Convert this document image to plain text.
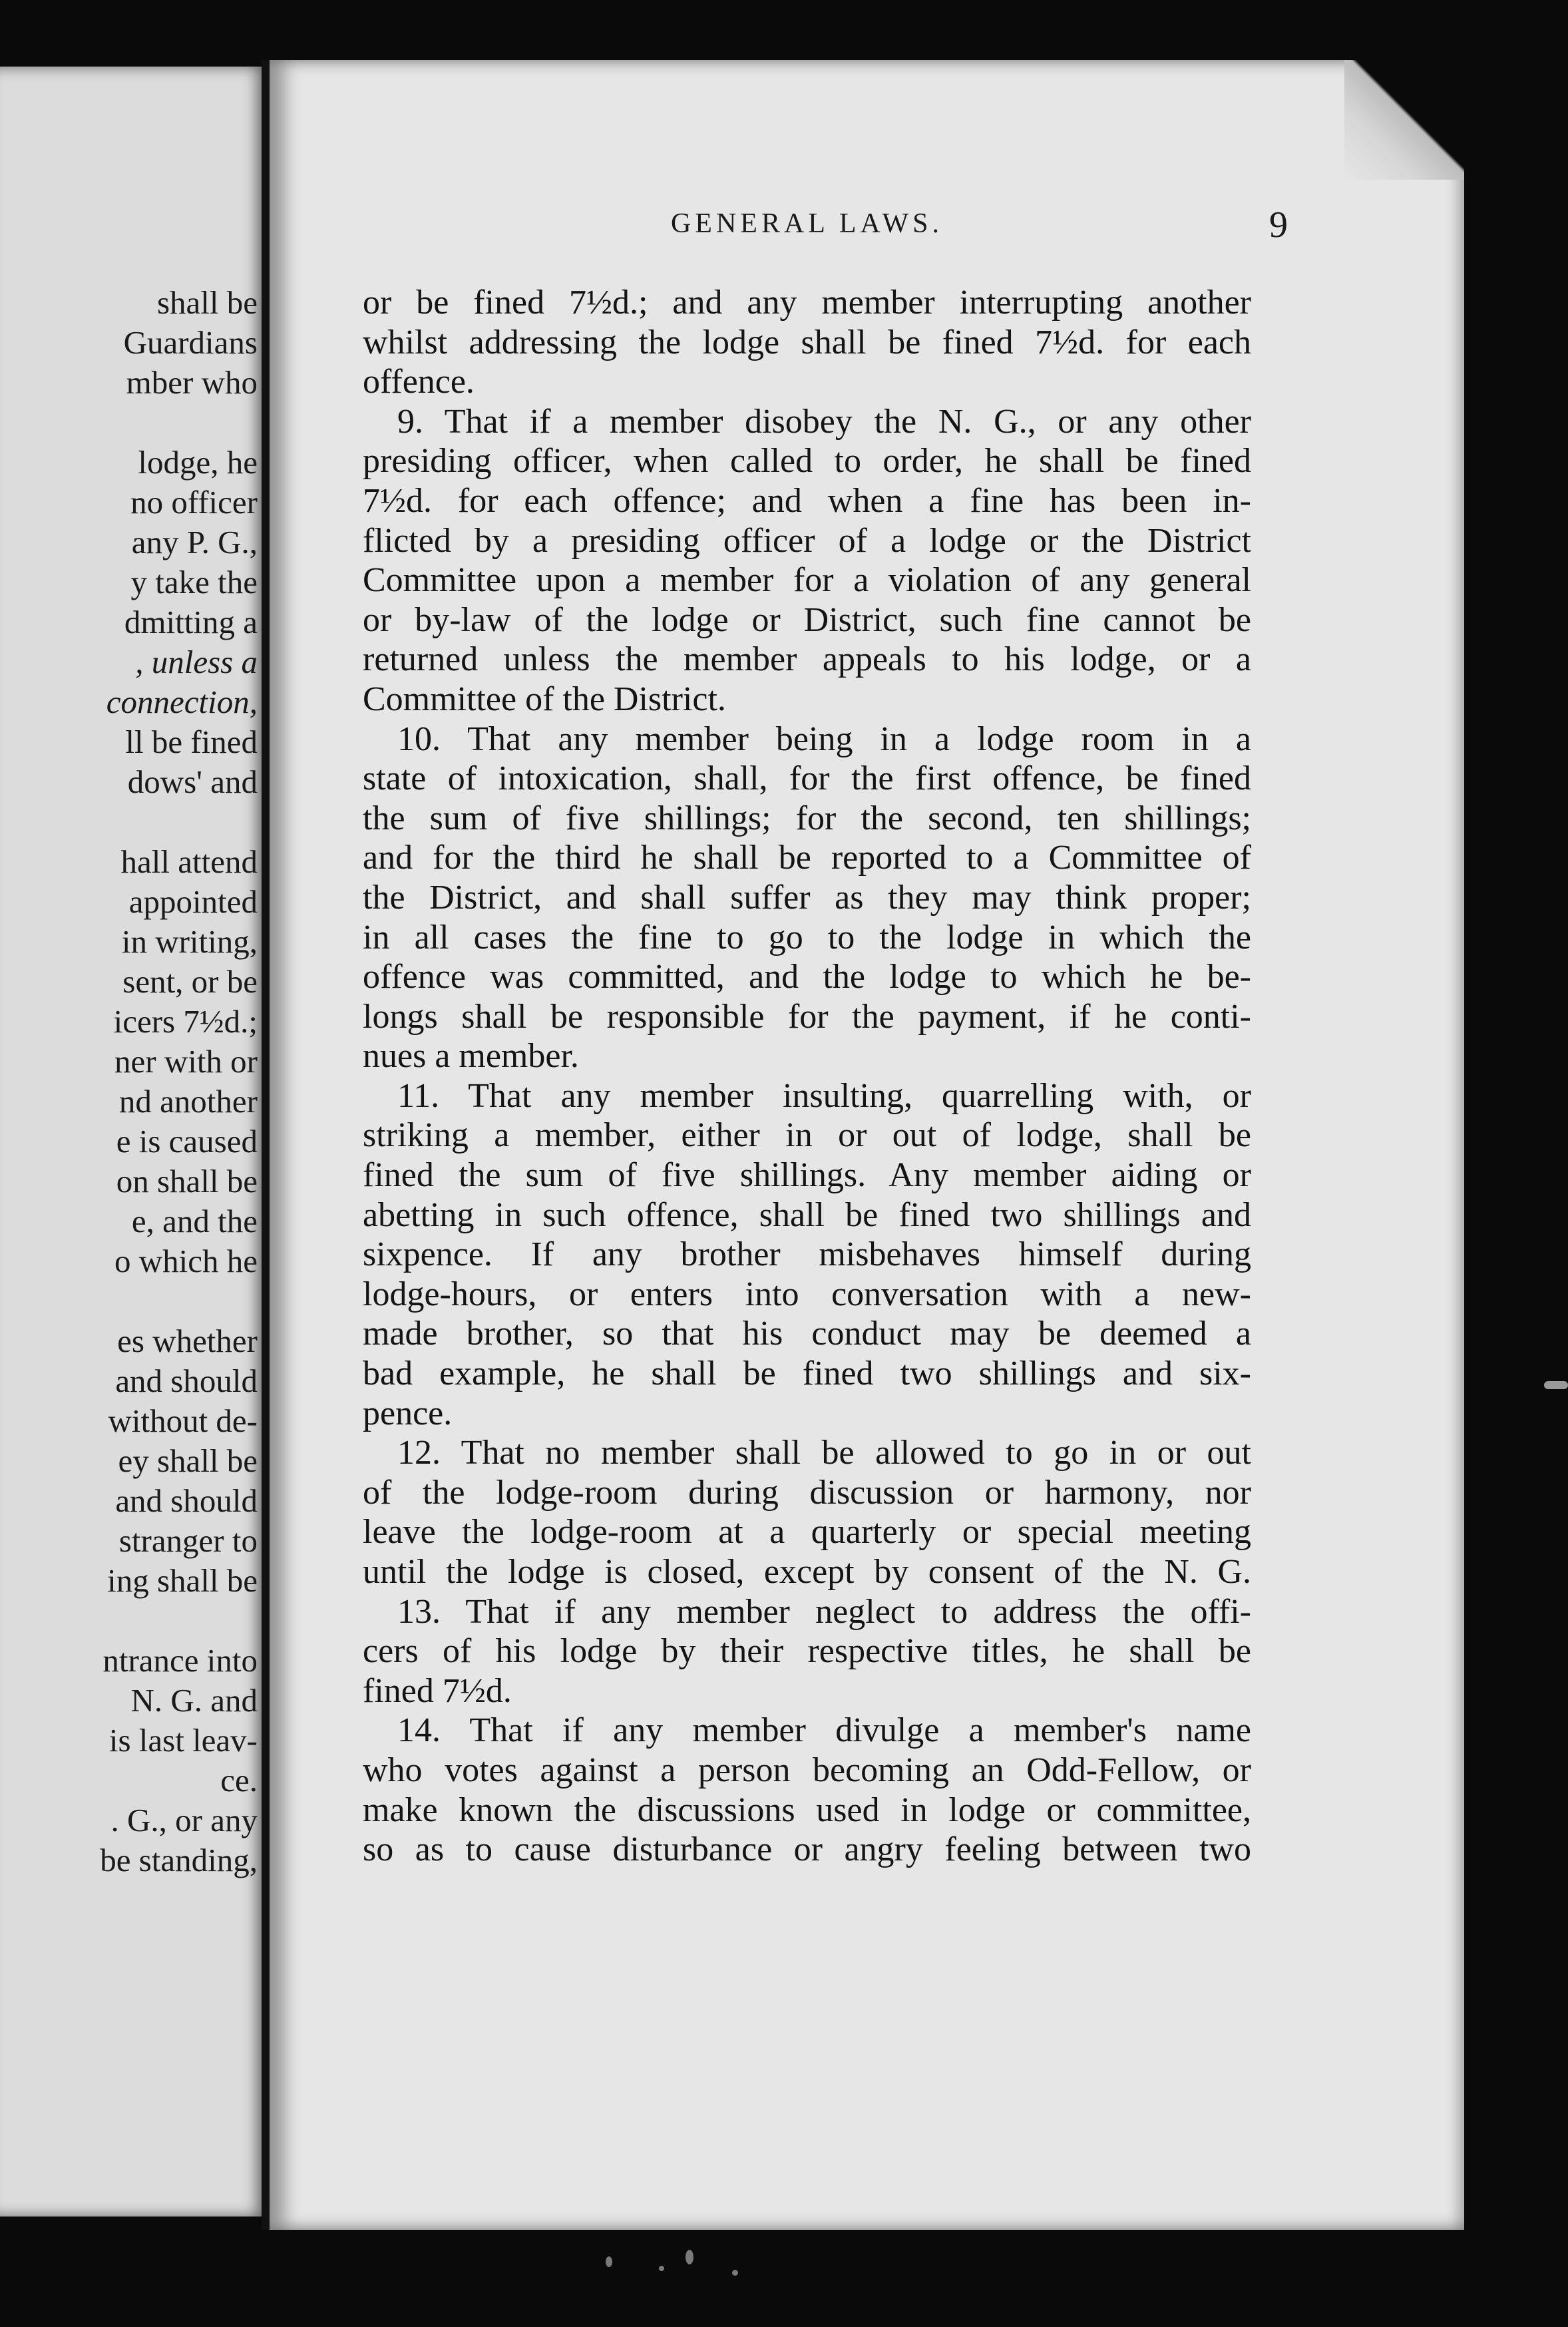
shall be
Guardians
mber who
lodge, he
no officer
any P. G.,
y take the
dmitting a
, unless a
connection,
ll be fined
dows' and
hall attend
appointed
in writing,
sent, or be
icers 7½d.;
ner with or
nd another
e is caused
on shall be
e, and the
o which he
es whether
and should
without de-
ey shall be
and should
stranger to
ing shall be
ntrance into
N. G. and
is last leav-
ce.
. G., or any
be standing,
GENERAL LAWS.	9
or be fined 7½d.; and any member interrupting another
whilst addressing the lodge shall be fined 7½d. for each
offence.
9. That if a member disobey the N. G., or any other
presiding officer, when called to order, he shall be fined
7½d. for each offence; and when a fine has been in-
flicted by a presiding officer of a lodge or the District
Committee upon a member for a violation of any general
or by-law of the lodge or District, such fine cannot be
returned unless the member appeals to his lodge, or a
Committee of the District.
10. That any member being in a lodge room in a
state of intoxication, shall, for the first offence, be fined
the sum of five shillings; for the second, ten shillings;
and for the third he shall be reported to a Committee of
the District, and shall suffer as they may think proper;
in all cases the fine to go to the lodge in which the
offence was committed, and the lodge to which he be-
longs shall be responsible for the payment, if he conti-
nues a member.
11. That any member insulting, quarrelling with, or
striking a member, either in or out of lodge, shall be
fined the sum of five shillings. Any member aiding or
abetting in such offence, shall be fined two shillings and
sixpence. If any brother misbehaves himself during
lodge-hours, or enters into conversation with a new-
made brother, so that his conduct may be deemed a
bad example, he shall be fined two shillings and six-
pence.
12. That no member shall be allowed to go in or out
of the lodge-room during discussion or harmony, nor
leave the lodge-room at a quarterly or special meeting
until the lodge is closed, except by consent of the N. G.
13. That if any member neglect to address the offi-
cers of his lodge by their respective titles, he shall be
fined 7½d.
14. That if any member divulge a member's name
who votes against a person becoming an Odd-Fellow, or
make known the discussions used in lodge or committee,
so as to cause disturbance or angry feeling between two
